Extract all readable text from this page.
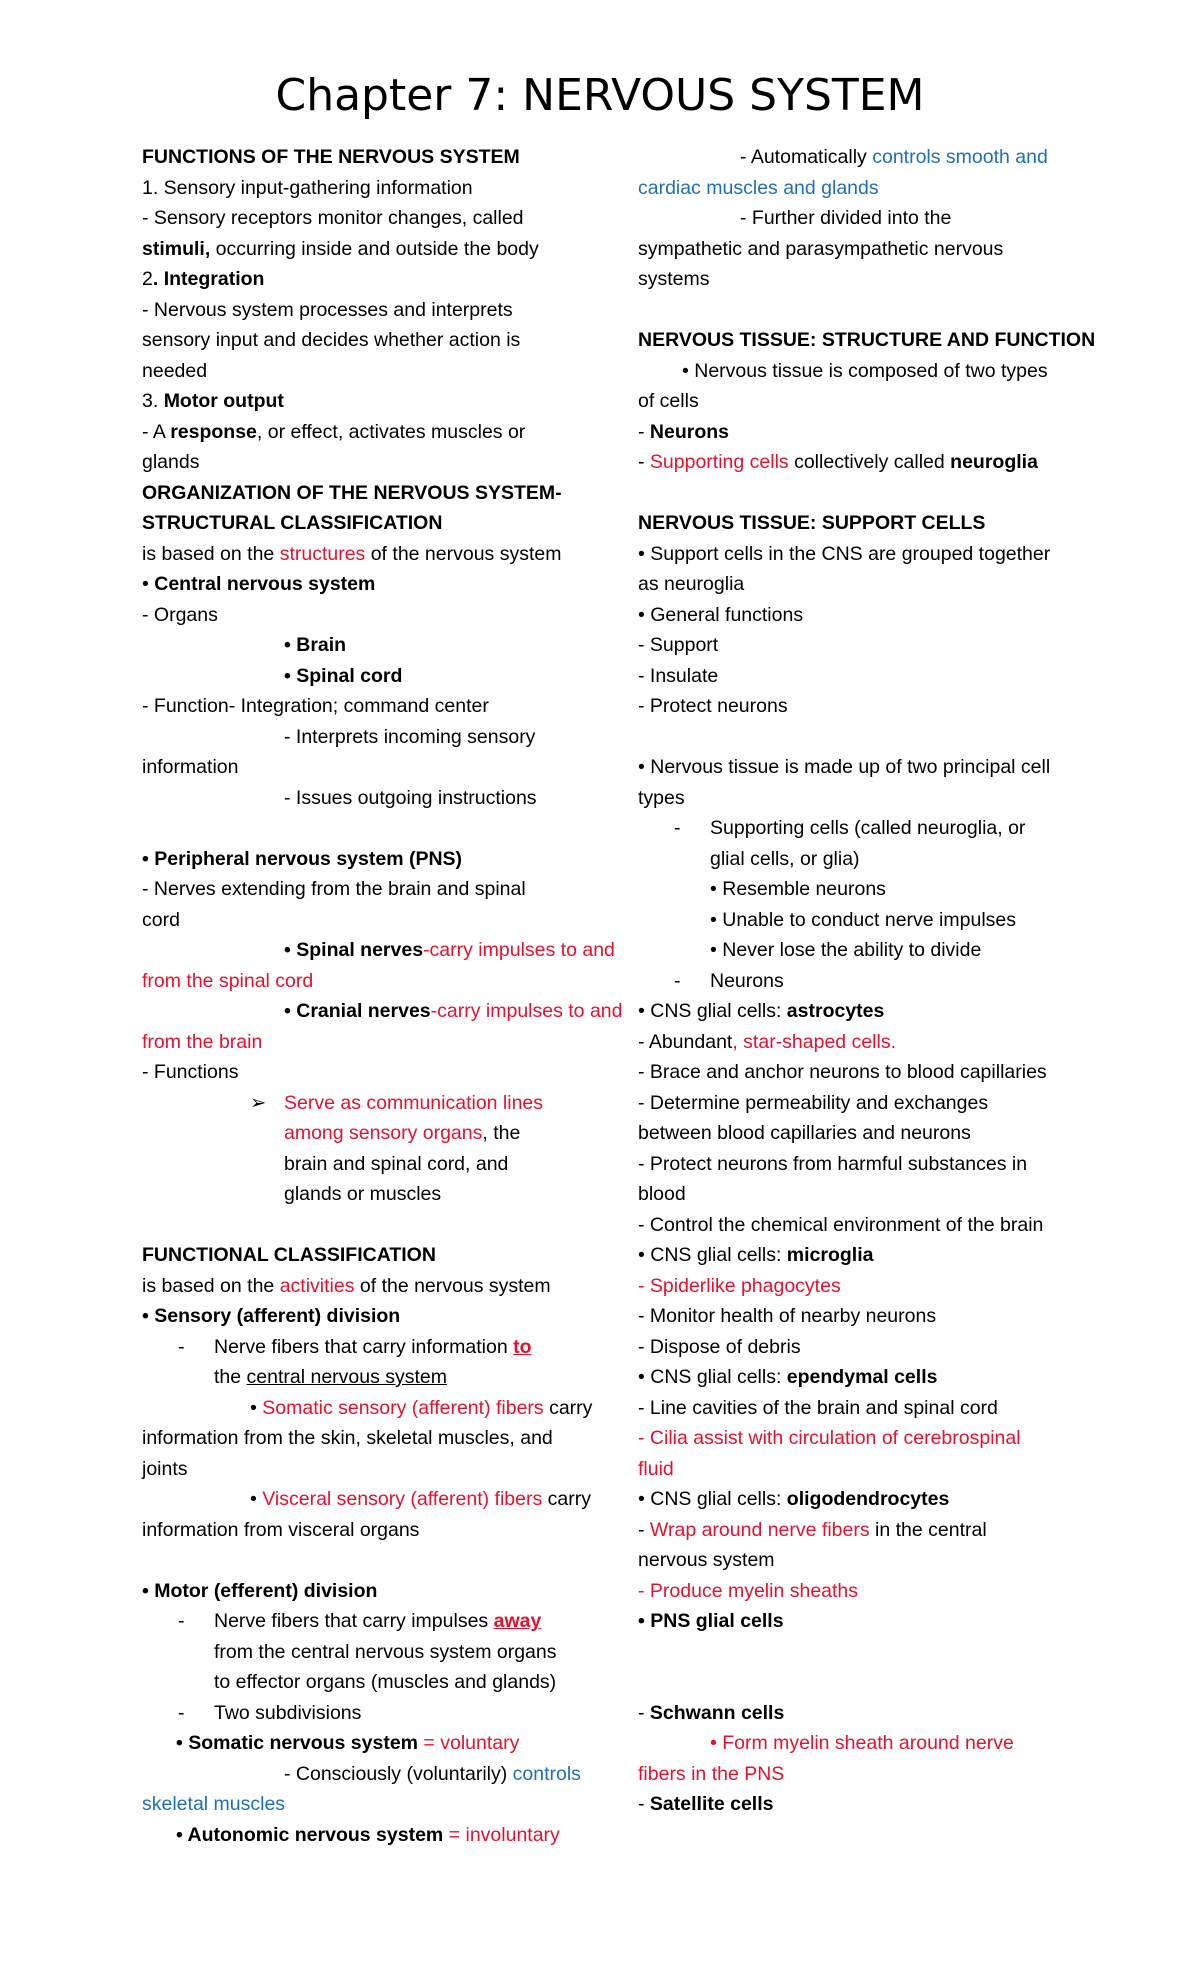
Chapter 7: NERVOUS SYSTEM
FUNCTIONS OF THE NERVOUS SYSTEM
1. Sensory input-gathering information
- Sensory receptors monitor changes, called
stimuli, occurring inside and outside the body
2. Integration
- Nervous system processes and interprets
sensory input and decides whether action is
needed
3. Motor output
- A response, or effect, activates muscles or
glands
ORGANIZATION OF THE NERVOUS SYSTEM-
STRUCTURAL CLASSIFICATION
is based on the structures of the nervous system
• Central nervous system
- Organs
• Brain
• Spinal cord
- Function- Integration; command center
- Interprets incoming sensory
information
- Issues outgoing instructions
• Peripheral nervous system (PNS)
- Nerves extending from the brain and spinal
cord
• Spinal nerves-carry impulses to and
from the spinal cord
• Cranial nerves-carry impulses to and
from the brain
- Functions
➢ Serve as communication lines
among sensory organs, the
brain and spinal cord, and
glands or muscles
FUNCTIONAL CLASSIFICATION
is based on the activities of the nervous system
• Sensory (afferent) division
- Nerve fibers that carry information to
the central nervous system
• Somatic sensory (afferent) fibers carry
information from the skin, skeletal muscles, and
joints
• Visceral sensory (afferent) fibers carry
information from visceral organs
• Motor (efferent) division
- Nerve fibers that carry impulses away
from the central nervous system organs
to effector organs (muscles and glands)
- Two subdivisions
• Somatic nervous system = voluntary
- Consciously (voluntarily) controls
skeletal muscles
• Autonomic nervous system = involuntary
- Automatically controls smooth and
cardiac muscles and glands
- Further divided into the
sympathetic and parasympathetic nervous
systems
NERVOUS TISSUE: STRUCTURE AND FUNCTION
• Nervous tissue is composed of two types
of cells
- Neurons
- Supporting cells collectively called neuroglia
NERVOUS TISSUE: SUPPORT CELLS
• Support cells in the CNS are grouped together
as neuroglia
• General functions
- Support
- Insulate
- Protect neurons
• Nervous tissue is made up of two principal cell
types
- Supporting cells (called neuroglia, or
glial cells, or glia)
• Resemble neurons
• Unable to conduct nerve impulses
• Never lose the ability to divide
- Neurons
• CNS glial cells: astrocytes
- Abundant, star-shaped cells.
- Brace and anchor neurons to blood capillaries
- Determine permeability and exchanges
between blood capillaries and neurons
- Protect neurons from harmful substances in
blood
- Control the chemical environment of the brain
• CNS glial cells: microglia
- Spiderlike phagocytes
- Monitor health of nearby neurons
- Dispose of debris
• CNS glial cells: ependymal cells
- Line cavities of the brain and spinal cord
- Cilia assist with circulation of cerebrospinal
fluid
• CNS glial cells: oligodendrocytes
- Wrap around nerve fibers in the central
nervous system
- Produce myelin sheaths
• PNS glial cells
- Schwann cells
• Form myelin sheath around nerve
fibers in the PNS
- Satellite cells
